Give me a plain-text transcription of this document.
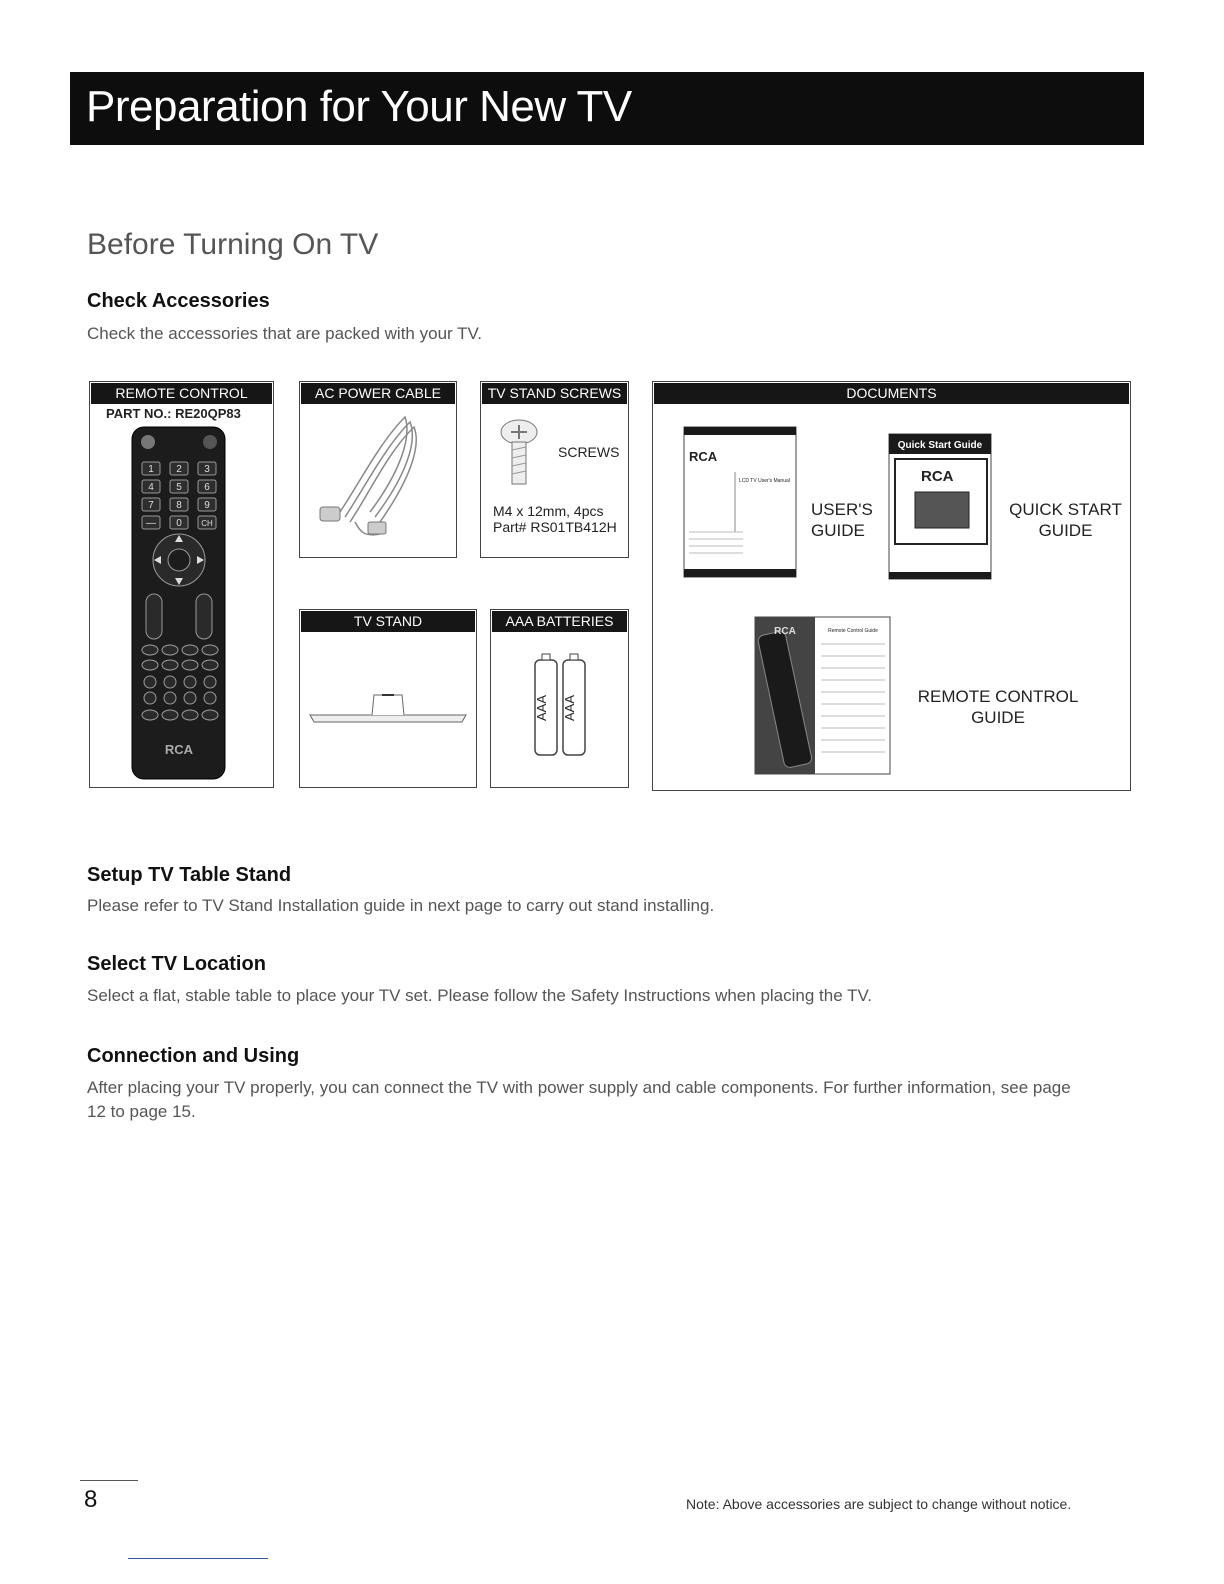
Preparation for Your New TV
Before Turning On TV
Check Accessories

Check the accessories that are packed with your TV.

REMOTE CONTROL
PART NO.: RE20QP83
1 2 3
4 5 6
7 8 9
— 0 CH
RCA
AC POWER CABLE	TV STAND SCREWS
SCREWS
M4 x 12mm, 4pcs
Part# RS01TB412H
TV STAND	AAA BATTERIES
AAA AAA
DOCUMENTS
RCA
LCD TV User's Manual
Quick Start Guide
RCA
RCA	Remote Control Guide
USER'S
GUIDE
QUICK START
GUIDE
REMOTE CONTROL
GUIDE
Setup TV Table Stand

Please refer to TV Stand Installation guide in next page to carry out stand installing.

Select TV Location

Select a flat, stable table to place your TV set. Please follow the Safety Instructions when placing the TV.

Connection and Using

After placing your TV properly, you can connect the TV with power supply and cable components. For further information, see page
12 to page 15.

8	Note: Above accessories are subject to change without notice.
